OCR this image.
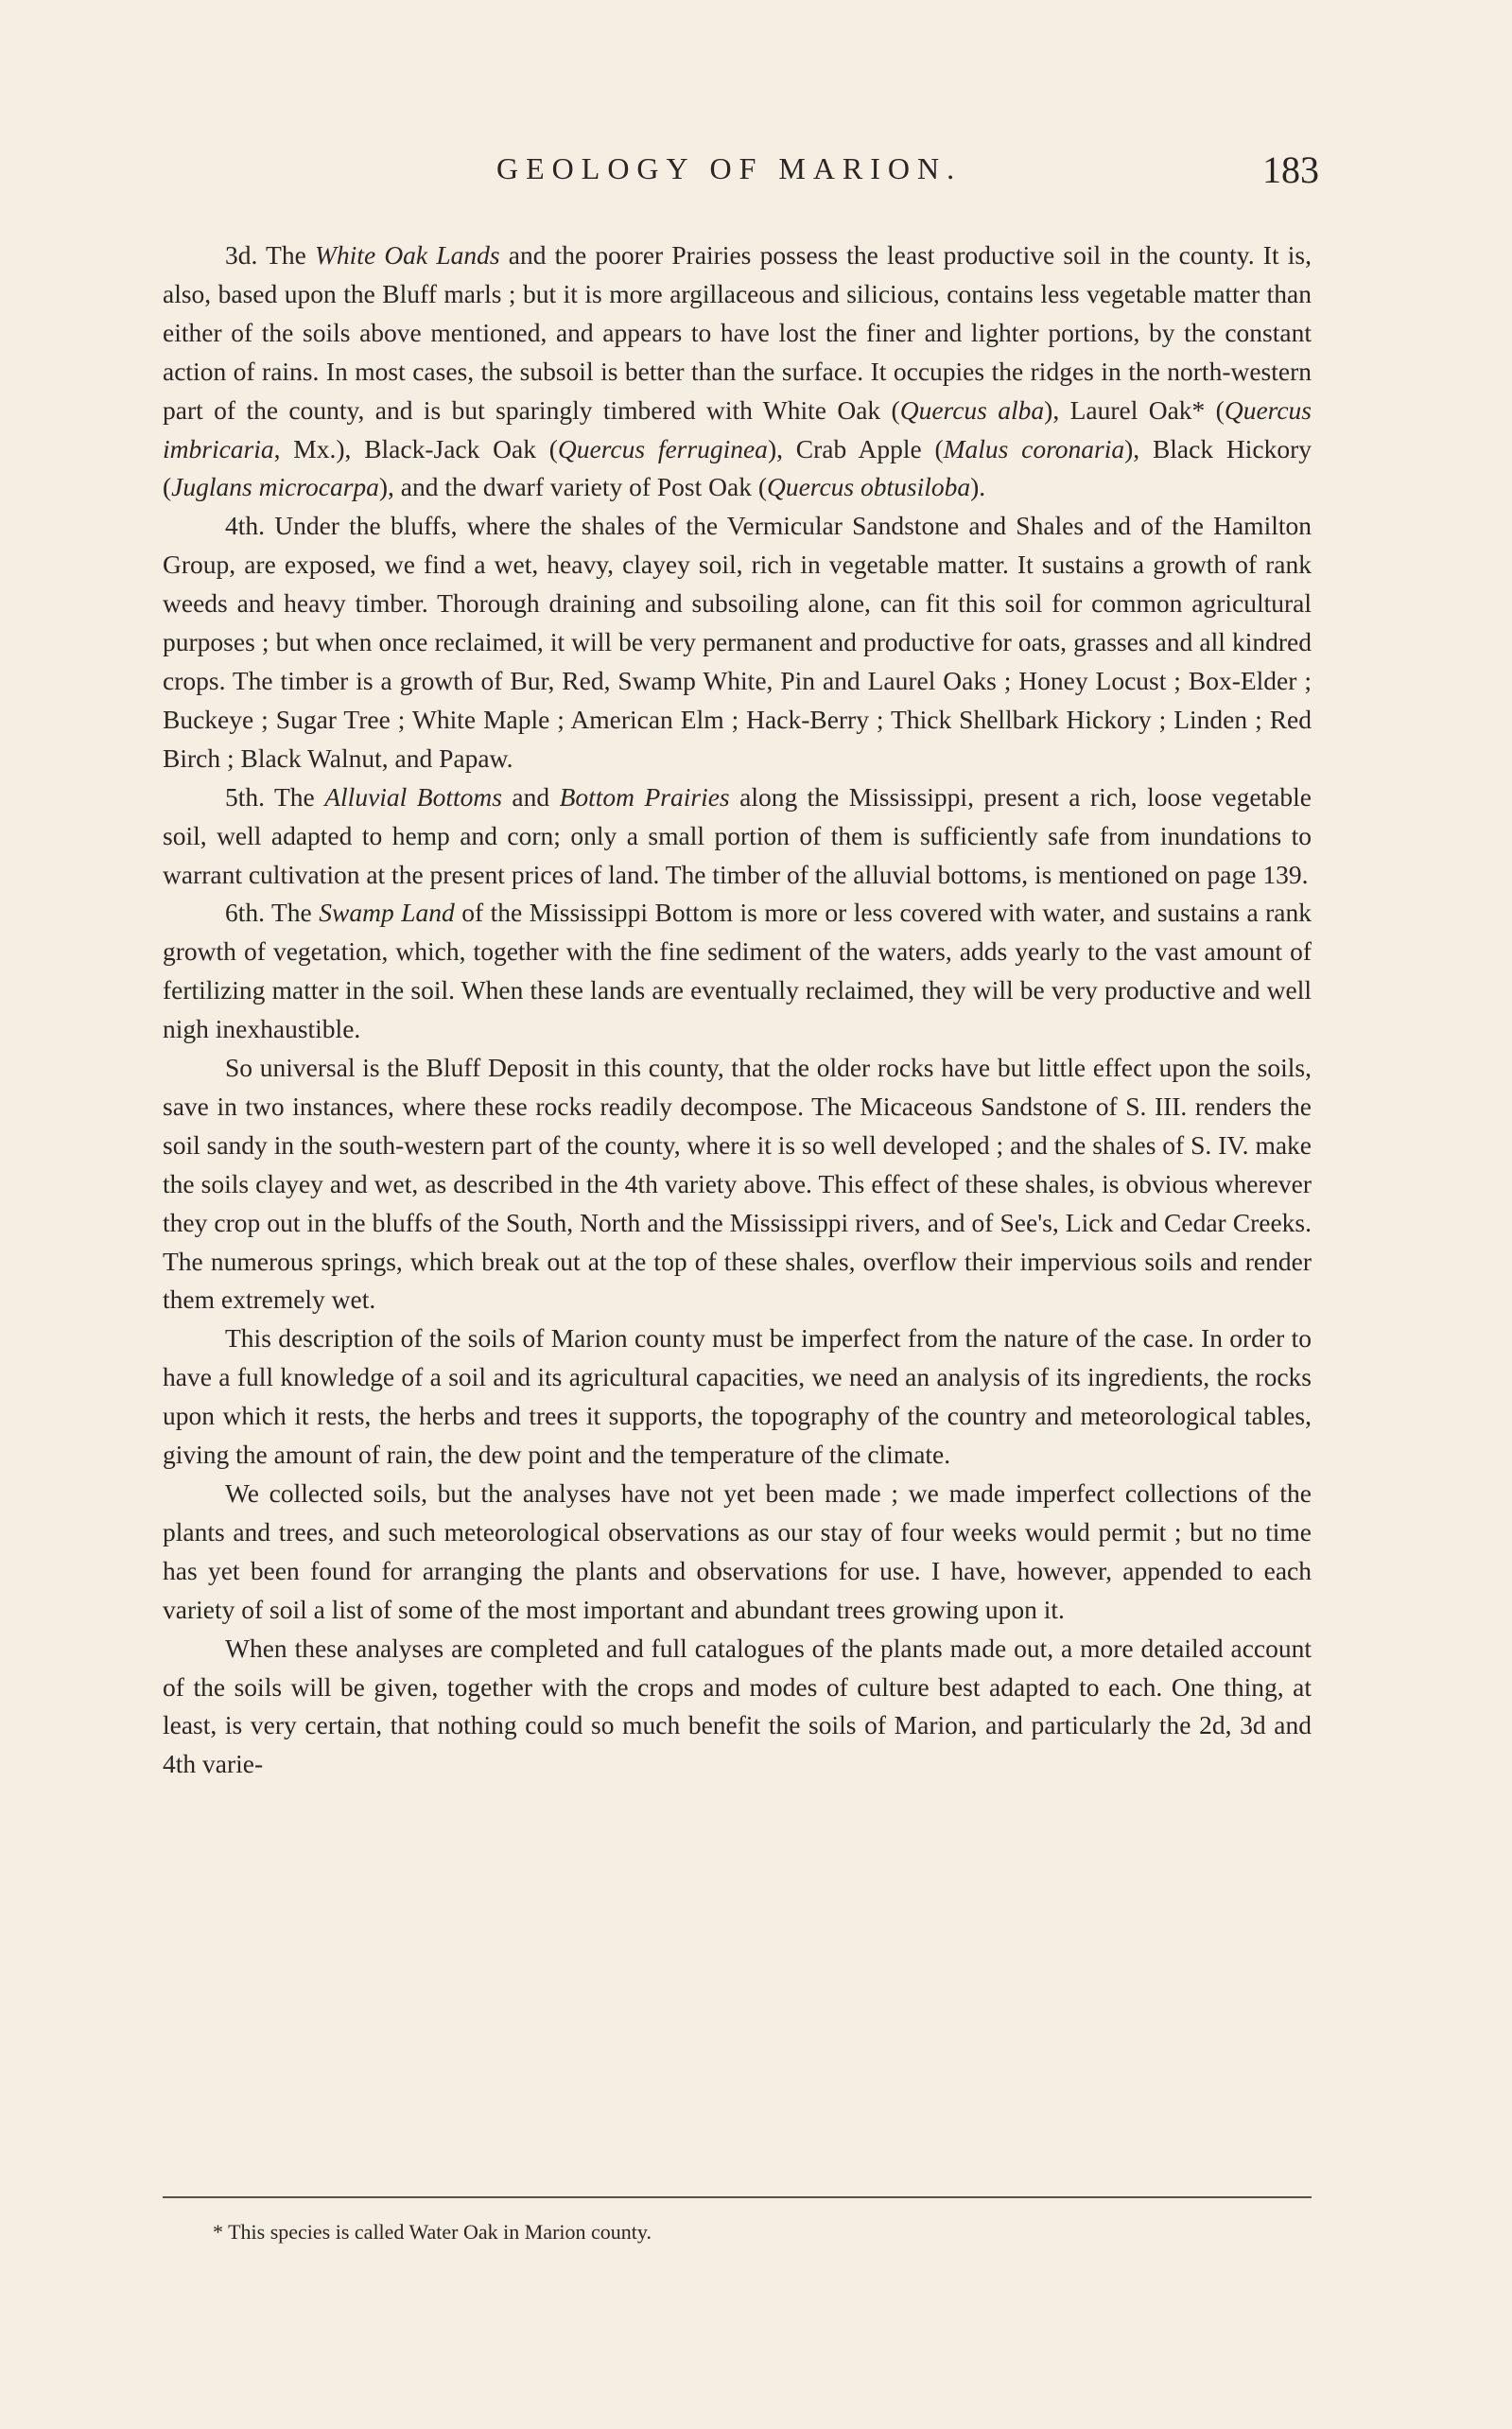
GEOLOGY OF MARION.	183

3d. The White Oak Lands and the poorer Prairies possess the least productive soil in the county. It is, also, based upon the Bluff marls ; but it is more argillaceous and silicious, contains less vegetable matter than either of the soils above mentioned, and appears to have lost the finer and lighter portions, by the constant action of rains. In most cases, the subsoil is better than the surface. It occupies the ridges in the north-western part of the county, and is but sparingly timbered with White Oak (Quercus alba), Laurel Oak* (Quercus imbricaria, Mx.), Black-Jack Oak (Quercus ferruginea), Crab Apple (Malus coronaria), Black Hickory (Juglans microcarpa), and the dwarf variety of Post Oak (Quercus obtusiloba).

4th. Under the bluffs, where the shales of the Vermicular Sandstone and Shales and of the Hamilton Group, are exposed, we find a wet, heavy, clayey soil, rich in vegetable matter. It sustains a growth of rank weeds and heavy timber. Thorough draining and subsoiling alone, can fit this soil for common agricultural purposes ; but when once reclaimed, it will be very permanent and productive for oats, grasses and all kindred crops. The timber is a growth of Bur, Red, Swamp White, Pin and Laurel Oaks ; Honey Locust ; Box-Elder ; Buckeye ; Sugar Tree ; White Maple ; American Elm ; Hack-Berry ; Thick Shellbark Hickory ; Linden ; Red Birch ; Black Walnut, and Papaw.

5th. The Alluvial Bottoms and Bottom Prairies along the Mississippi, present a rich, loose vegetable soil, well adapted to hemp and corn; only a small portion of them is sufficiently safe from inundations to warrant cultivation at the present prices of land. The timber of the alluvial bottoms, is mentioned on page 139.

6th. The Swamp Land of the Mississippi Bottom is more or less covered with water, and sustains a rank growth of vegetation, which, together with the fine sediment of the waters, adds yearly to the vast amount of fertilizing matter in the soil. When these lands are eventually reclaimed, they will be very productive and well nigh inexhaustible.

So universal is the Bluff Deposit in this county, that the older rocks have but little effect upon the soils, save in two instances, where these rocks readily decompose. The Micaceous Sandstone of S. III. renders the soil sandy in the south-western part of the county, where it is so well developed ; and the shales of S. IV. make the soils clayey and wet, as described in the 4th variety above. This effect of these shales, is obvious wherever they crop out in the bluffs of the South, North and the Mississippi rivers, and of See's, Lick and Cedar Creeks. The numerous springs, which break out at the top of these shales, overflow their impervious soils and render them extremely wet.

This description of the soils of Marion county must be imperfect from the nature of the case. In order to have a full knowledge of a soil and its agricultural capacities, we need an analysis of its ingredients, the rocks upon which it rests, the herbs and trees it supports, the topography of the country and meteorological tables, giving the amount of rain, the dew point and the temperature of the climate.

We collected soils, but the analyses have not yet been made ; we made imperfect collections of the plants and trees, and such meteorological observations as our stay of four weeks would permit ; but no time has yet been found for arranging the plants and observations for use. I have, however, appended to each variety of soil a list of some of the most important and abundant trees growing upon it.

When these analyses are completed and full catalogues of the plants made out, a more detailed account of the soils will be given, together with the crops and modes of culture best adapted to each. One thing, at least, is very certain, that nothing could so much benefit the soils of Marion, and particularly the 2d, 3d and 4th varie-

* This species is called Water Oak in Marion county.
